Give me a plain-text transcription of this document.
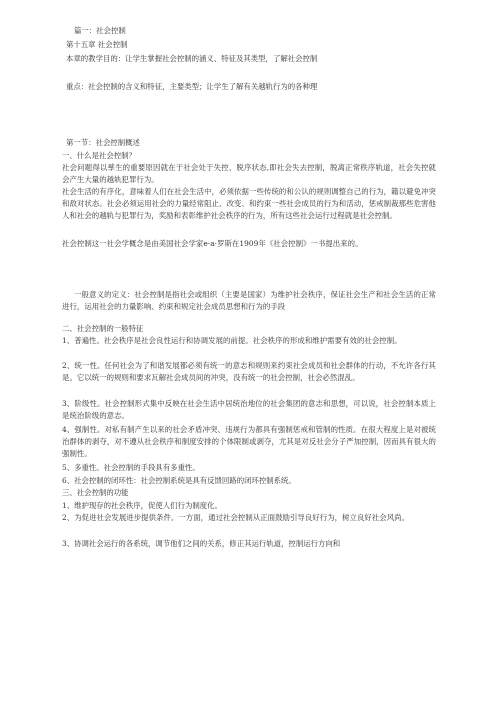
篇一：社会控制
第十五章 社会控制
本章的教学目的：让学生掌握社会控制的涵义、特征及其类型，了解社会控制
重点：社会控制的含义和特征，主要类型；让学生了解有关越轨行为的各种理
第一节：社会控制概述
一、什么是社会控制？
社会问题得以孳生的重要原因就在于社会处于失控、脱序状态,即社会失去控制，脱离正常秩序轨道，社会失控就会产生大量的越轨犯罪行为。
社会生活的有序化，意味着人们在社会生活中，必须依据一些传统的和公认的规则调整自己的行为，籍以避免冲突和敌对状态。社会必须运用社会的力量经常阻止、改变、和约束一些社会成员的行为和活动，惩戒制裁那些危害他人和社会的越轨与犯罪行为，奖励和表彰维护社会秩序的行为，所有这些社会运行过程就是社会控制。
社会控制这一社会学概念是由美国社会学家e·a·罗斯在1909年《社会控制》一书提出来的。
一般意义的定义：社会控制是指社会或组织（主要是国家）为维护社会秩序，保证社会生产和社会生活的正常进行，运用社会的力量影响、约束和规定社会成员思想和行为的手段
二、社会控制的一般特征
1、普遍性。社会秩序是社会良性运行和协调发展的前提。社会秩序的形成和维护需要有效的社会控制。
2、统一性。任何社会为了和谐发展都必须有统一的意志和规则来约束社会成员和社会群体的行动，不允许各行其是。它以统一的规则和要求瓦解社会成员间的冲突，没有统一的社会控制，社会必然混乱。
3、阶级性。社会控制形式集中反映在社会生活中居统治地位的社会集团的意志和思想，可以说，社会控制本质上是统治阶级的意志。
4、强制性。对私有制产生以来的社会矛盾冲突、违规行为都具有强制惩戒和管制的性质。在很大程度上是对被统治群体的剥夺，对不遵从社会秩序和制度安排的个体限制或剥夺，尤其是对反社会分子严加控制，因而具有很大的强制性。
5、多重性。社会控制的手段具有多重性。
6、社会控制的闭环性：社会控制系统是具有反馈回路的闭环控制系统。
三、社会控制的功能
1、维护现存的社会秩序，促使人们行为制度化。
2、为促进社会发展进步提供条件。一方面，通过社会控制从正面鼓励引导良好行为，树立良好社会风尚。
3、协调社会运行的各系统，调节他们之间的关系，修正其运行轨道，控制运行方向和
